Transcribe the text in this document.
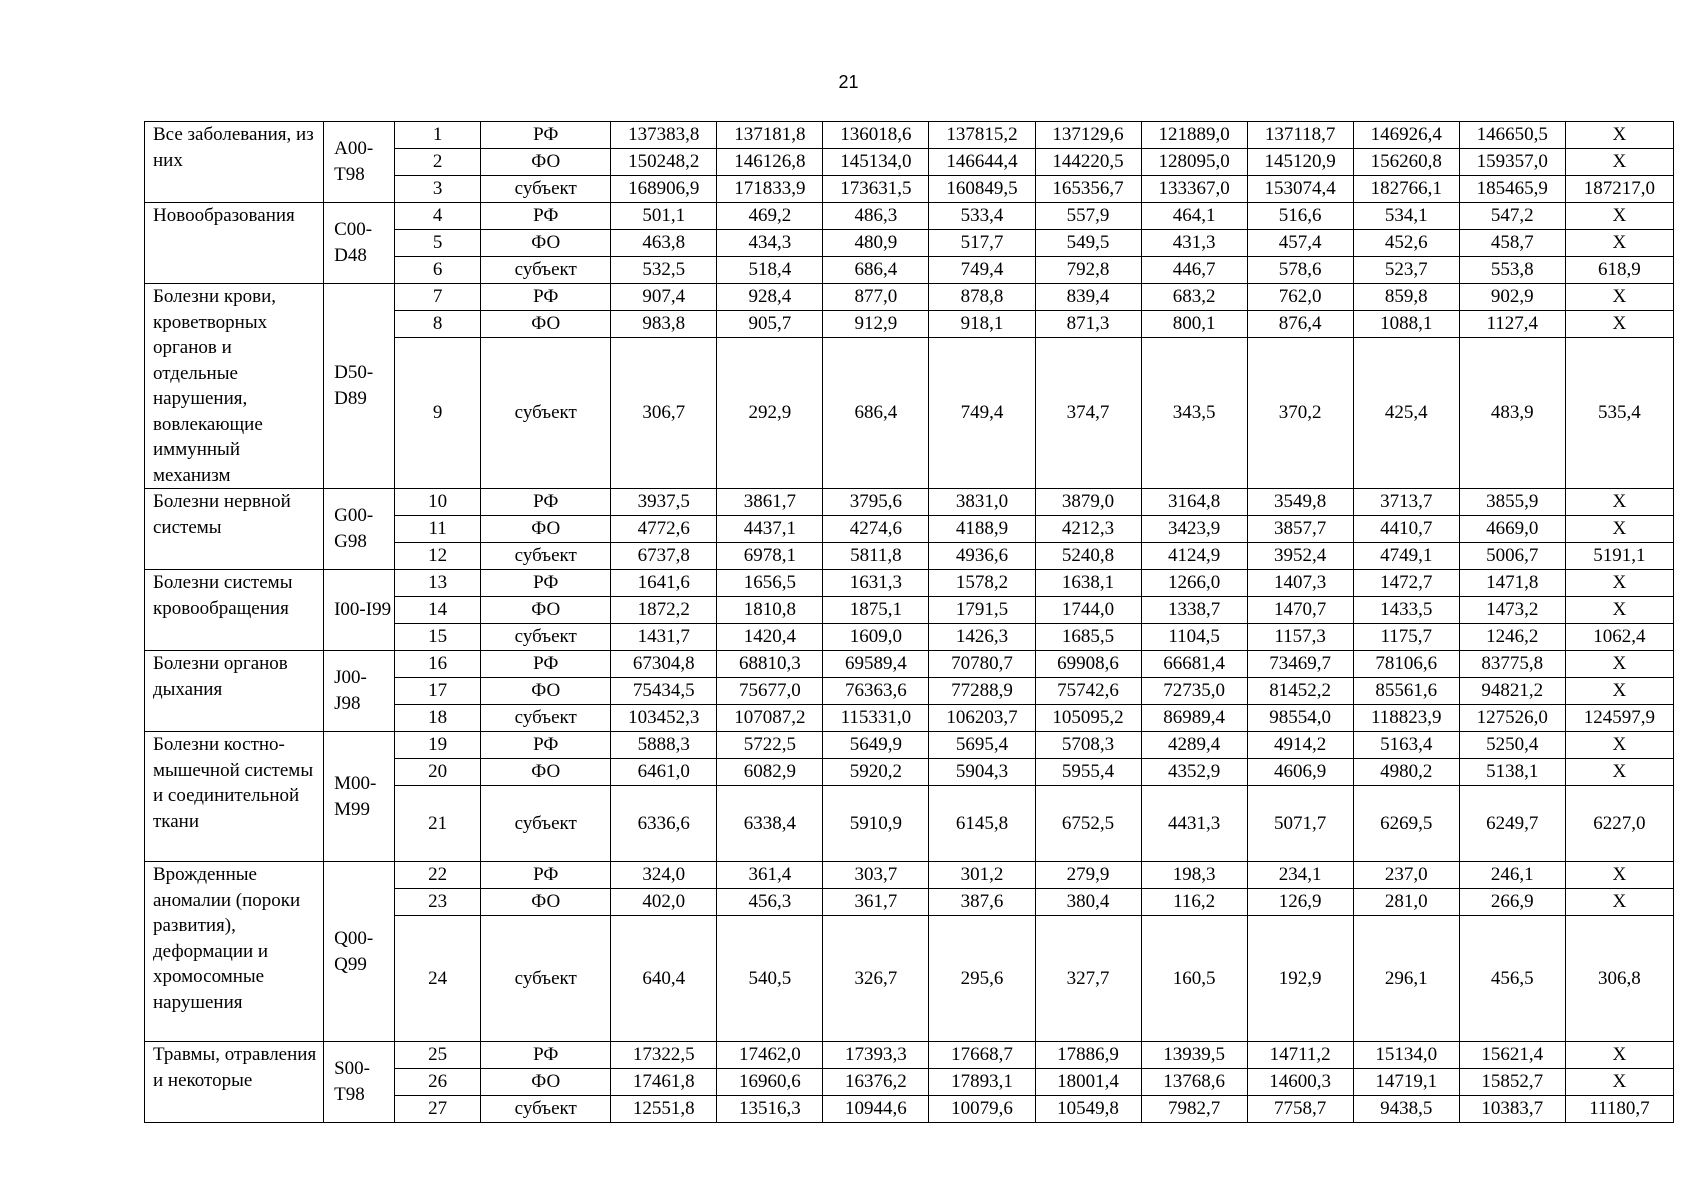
21
Все заболевания, из них	A00-T98	1	РФ	137383,8	137181,8	136018,6	137815,2	137129,6	121889,0	137118,7	146926,4	146650,5	Х
		2	ФО	150248,2	146126,8	145134,0	146644,4	144220,5	128095,0	145120,9	156260,8	159357,0	Х
		3	субъект	168906,9	171833,9	173631,5	160849,5	165356,7	133367,0	153074,4	182766,1	185465,9	187217,0
Новообразования	C00-D48	4	РФ	501,1	469,2	486,3	533,4	557,9	464,1	516,6	534,1	547,2	Х
		5	ФО	463,8	434,3	480,9	517,7	549,5	431,3	457,4	452,6	458,7	Х
		6	субъект	532,5	518,4	686,4	749,4	792,8	446,7	578,6	523,7	553,8	618,9
Болезни крови, кроветворных органов и отдельные нарушения, вовлекающие иммунный механизм	D50-D89	7	РФ	907,4	928,4	877,0	878,8	839,4	683,2	762,0	859,8	902,9	Х
		8	ФО	983,8	905,7	912,9	918,1	871,3	800,1	876,4	1088,1	1127,4	Х
		9	субъект	306,7	292,9	686,4	749,4	374,7	343,5	370,2	425,4	483,9	535,4
Болезни нервной системы	G00-G98	10	РФ	3937,5	3861,7	3795,6	3831,0	3879,0	3164,8	3549,8	3713,7	3855,9	Х
		11	ФО	4772,6	4437,1	4274,6	4188,9	4212,3	3423,9	3857,7	4410,7	4669,0	Х
		12	субъект	6737,8	6978,1	5811,8	4936,6	5240,8	4124,9	3952,4	4749,1	5006,7	5191,1
Болезни системы кровообращения	I00-I99	13	РФ	1641,6	1656,5	1631,3	1578,2	1638,1	1266,0	1407,3	1472,7	1471,8	Х
		14	ФО	1872,2	1810,8	1875,1	1791,5	1744,0	1338,7	1470,7	1433,5	1473,2	Х
		15	субъект	1431,7	1420,4	1609,0	1426,3	1685,5	1104,5	1157,3	1175,7	1246,2	1062,4
Болезни органов дыхания	J00-J98	16	РФ	67304,8	68810,3	69589,4	70780,7	69908,6	66681,4	73469,7	78106,6	83775,8	Х
		17	ФО	75434,5	75677,0	76363,6	77288,9	75742,6	72735,0	81452,2	85561,6	94821,2	Х
		18	субъект	103452,3	107087,2	115331,0	106203,7	105095,2	86989,4	98554,0	118823,9	127526,0	124597,9
Болезни костно-мышечной системы и соединительной ткани	M00-M99	19	РФ	5888,3	5722,5	5649,9	5695,4	5708,3	4289,4	4914,2	5163,4	5250,4	Х
		20	ФО	6461,0	6082,9	5920,2	5904,3	5955,4	4352,9	4606,9	4980,2	5138,1	Х
		21	субъект	6336,6	6338,4	5910,9	6145,8	6752,5	4431,3	5071,7	6269,5	6249,7	6227,0
Врожденные аномалии (пороки развития), деформации и хромосомные нарушения	Q00-Q99	22	РФ	324,0	361,4	303,7	301,2	279,9	198,3	234,1	237,0	246,1	Х
		23	ФО	402,0	456,3	361,7	387,6	380,4	116,2	126,9	281,0	266,9	Х
		24	субъект	640,4	540,5	326,7	295,6	327,7	160,5	192,9	296,1	456,5	306,8
Травмы, отравления и некоторые	S00-T98	25	РФ	17322,5	17462,0	17393,3	17668,7	17886,9	13939,5	14711,2	15134,0	15621,4	Х
		26	ФО	17461,8	16960,6	16376,2	17893,1	18001,4	13768,6	14600,3	14719,1	15852,7	Х
		27	субъект	12551,8	13516,3	10944,6	10079,6	10549,8	7982,7	7758,7	9438,5	10383,7	11180,7
